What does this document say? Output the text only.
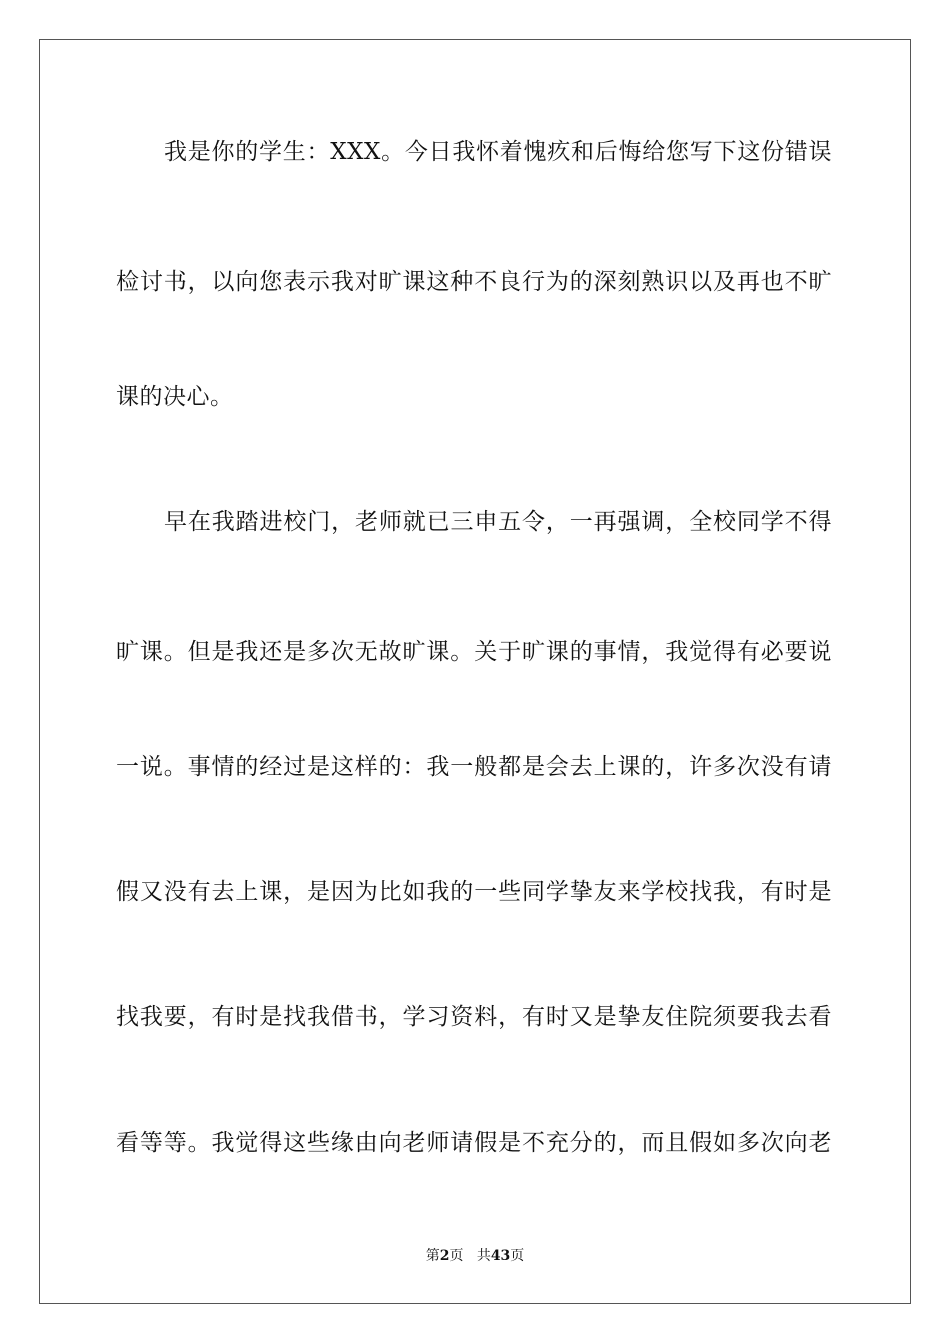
我是你的学生：XXX。今日我怀着愧疚和后悔给您写下这份错误
检讨书，以向您表示我对旷课这种不良行为的深刻熟识以及再也不旷
课的决心。
早在我踏进校门，老师就已三申五令，一再强调，全校同学不得
旷课。但是我还是多次无故旷课。关于旷课的事情，我觉得有必要说
一说。事情的经过是这样的：我一般都是会去上课的，许多次没有请
假又没有去上课，是因为比如我的一些同学挚友来学校找我，有时是
找我要，有时是找我借书，学习资料，有时又是挚友住院须要我去看
看等等。我觉得这些缘由向老师请假是不充分的，而且假如多次向老
第2页 共43页
